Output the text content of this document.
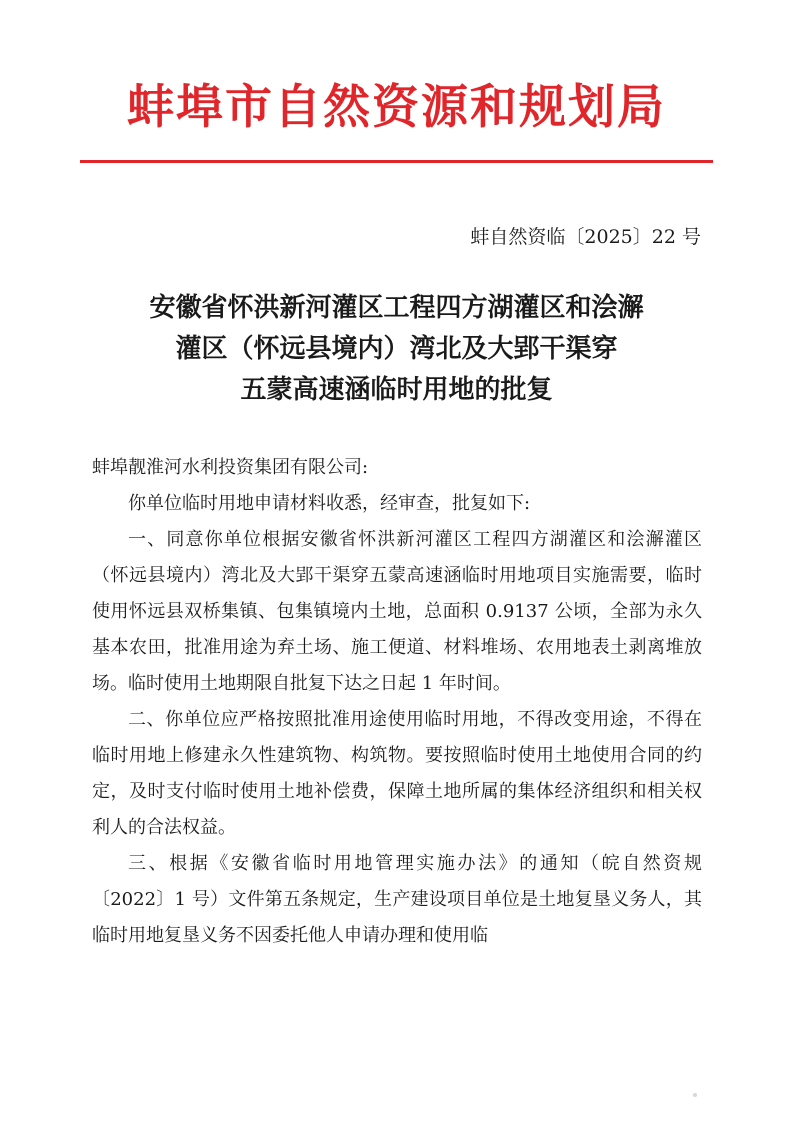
蚌埠市自然资源和规划局
蚌自然资临〔2025〕22 号
安徽省怀洪新河灌区工程四方湖灌区和浍澥
灌区（怀远县境内）湾北及大郢干渠穿
五蒙高速涵临时用地的批复

蚌埠靓淮河水利投资集团有限公司:

你单位临时用地申请材料收悉，经审查，批复如下:

一、同意你单位根据安徽省怀洪新河灌区工程四方湖灌区和浍澥灌区（怀远县境内）湾北及大郢干渠穿五蒙高速涵临时用地项目实施需要，临时使用怀远县双桥集镇、包集镇境内土地，总面积 0.9137 公顷，全部为永久基本农田，批准用途为弃土场、施工便道、材料堆场、农用地表土剥离堆放场。临时使用土地期限自批复下达之日起 1 年时间。

二、你单位应严格按照批准用途使用临时用地，不得改变用途，不得在临时用地上修建永久性建筑物、构筑物。要按照临时使用土地使用合同的约定，及时支付临时使用土地补偿费，保障土地所属的集体经济组织和相关权利人的合法权益。

三、根据《安徽省临时用地管理实施办法》的通知（皖自然资规〔2022〕1 号）文件第五条规定，生产建设项目单位是土地复垦义务人，其临时用地复垦义务不因委托他人申请办理和使用临
